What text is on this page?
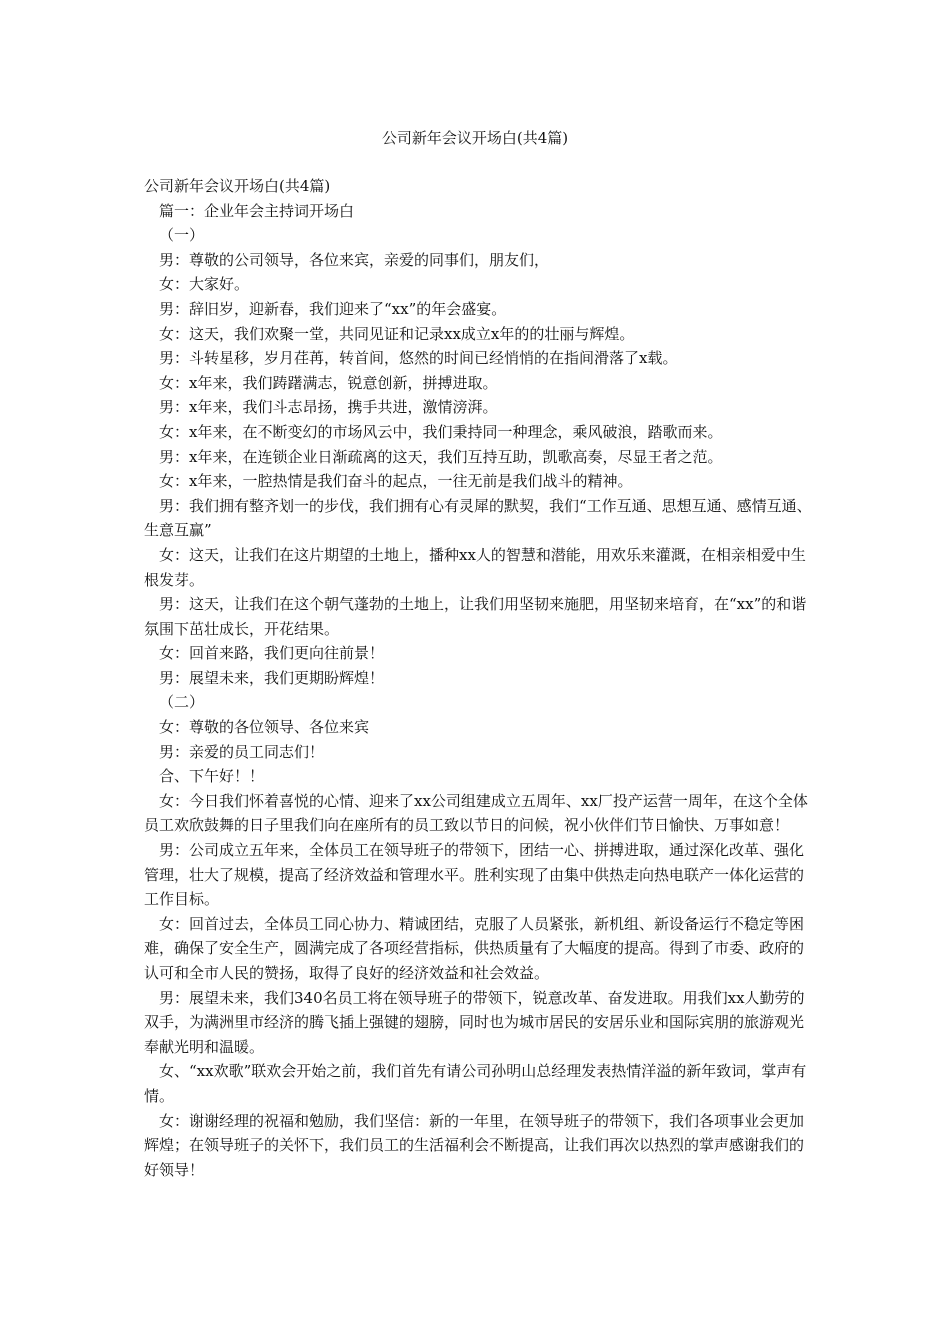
公司新年会议开场白(共4篇)

公司新年会议开场白(共4篇)

篇一：企业年会主持词开场白

（一）

男：尊敬的公司领导，各位来宾，亲爱的同事们，朋友们，

女：大家好。

男：辞旧岁，迎新春，我们迎来了“xx”的年会盛宴。

女：这天，我们欢聚一堂，共同见证和记录xx成立x年的的壮丽与辉煌。

男：斗转星移，岁月荏苒，转首间，悠然的时间已经悄悄的在指间滑落了x载。

女：x年来，我们踌躇满志，锐意创新，拼搏进取。

男：x年来，我们斗志昂扬，携手共进，激情滂湃。

女：x年来，在不断变幻的市场风云中，我们秉持同一种理念，乘风破浪，踏歌而来。

男：x年来，在连锁企业日渐疏离的这天，我们互持互助，凯歌高奏，尽显王者之范。

女：x年来，一腔热情是我们奋斗的起点，一往无前是我们战斗的精神。

男：我们拥有整齐划一的步伐，我们拥有心有灵犀的默契，我们“工作互通、思想互通、感情互通、生意互赢”

女：这天，让我们在这片期望的土地上，播种xx人的智慧和潜能，用欢乐来灌溉，在相亲相爱中生根发芽。

男：这天，让我们在这个朝气蓬勃的土地上，让我们用坚韧来施肥，用坚韧来培育，在“xx”的和谐氛围下茁壮成长，开花结果。

女：回首来路，我们更向往前景！

男：展望未来，我们更期盼辉煌！

（二）

女：尊敬的各位领导、各位来宾

男：亲爱的员工同志们！

合、下午好！！

女：今日我们怀着喜悦的心情、迎来了xx公司组建成立五周年、xx厂投产运营一周年，在这个全体员工欢欣鼓舞的日子里我们向在座所有的员工致以节日的问候，祝小伙伴们节日愉快、万事如意！

男：公司成立五年来，全体员工在领导班子的带领下，团结一心、拼搏进取，通过深化改革、强化管理，壮大了规模，提高了经济效益和管理水平。胜利实现了由集中供热走向热电联产一体化运营的工作目标。

女：回首过去，全体员工同心协力、精诚团结，克服了人员紧张，新机组、新设备运行不稳定等困难，确保了安全生产，圆满完成了各项经营指标，供热质量有了大幅度的提高。得到了市委、政府的认可和全市人民的赞扬，取得了良好的经济效益和社会效益。

男：展望未来，我们340名员工将在领导班子的带领下，锐意改革、奋发进取。用我们xx人勤劳的双手，为满洲里市经济的腾飞插上强键的翅膀，同时也为城市居民的安居乐业和国际宾朋的旅游观光奉献光明和温暖。

女、“xx欢歌”联欢会开始之前，我们首先有请公司孙明山总经理发表热情洋溢的新年致词，掌声有情。

女：谢谢经理的祝福和勉励，我们坚信：新的一年里，在领导班子的带领下，我们各项事业会更加辉煌；在领导班子的关怀下，我们员工的生活福利会不断提高，让我们再次以热烈的掌声感谢我们的好领导！
